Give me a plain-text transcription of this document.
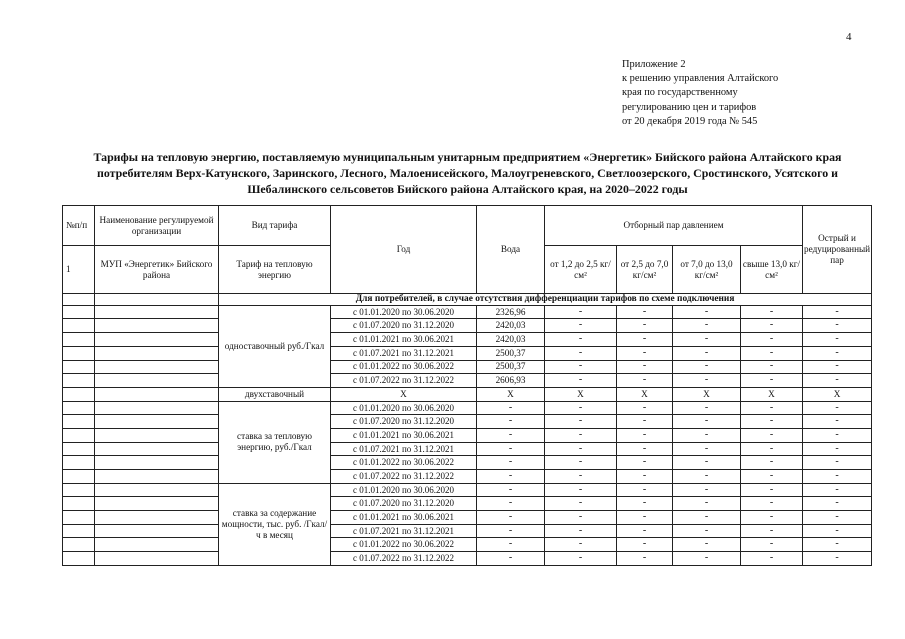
4
Приложение 2
к решению управления Алтайского
края по государственному
регулированию цен и тарифов
от 20 декабря 2019 года № 545
Тарифы на тепловую энергию, поставляемую муниципальным унитарным предприятием «Энергетик» Бийского района Алтайского края потребителям Верх-Катунского, Заринского, Лесного, Малоенисейского, Малоугреневского, Светлоозерского, Сростинского, Усятского и Шебалинского сельсоветов Бийского района Алтайского края, на 2020–2022 годы
№п/п	Наименование регулируемой организации	Вид тарифа	Год	Вода	Отборный пар давлением				Острый и редуцированный пар
1	МУП «Энергетик» Бийского района	Тариф на тепловую энергию			от 1,2 до 2,5 кг/см²	от 2,5 до 7,0 кг/см²	от 7,0 до 13,0 кг/см²	свыше 13,0 кг/см²	
		Для потребителей, в случае отсутствия дифференциации тарифов по схеме подключения							
		одноставочный руб./Гкал	с 01.01.2020 по 30.06.2020	2326,96	-	-	-	-	-
			с 01.07.2020 по 31.12.2020	2420,03	-	-	-	-	-
			с 01.01.2021 по 30.06.2021	2420,03	-	-	-	-	-
			с 01.07.2021 по 31.12.2021	2500,37	-	-	-	-	-
			с 01.01.2022 по 30.06.2022	2500,37	-	-	-	-	-
			с 01.07.2022 по 31.12.2022	2606,93	-	-	-	-	-
		двухставочный	X	X	X	X	X	X	X
		ставка за тепловую энергию, руб./Гкал	с 01.01.2020 по 30.06.2020	-	-	-	-	-	-
			с 01.07.2020 по 31.12.2020	-	-	-	-	-	-
			с 01.01.2021 по 30.06.2021	-	-	-	-	-	-
			с 01.07.2021 по 31.12.2021	-	-	-	-	-	-
			с 01.01.2022 по 30.06.2022	-	-	-	-	-	-
			с 01.07.2022 по 31.12.2022	-	-	-	-	-	-
		ставка за содержание мощности, тыс. руб. /Гкал/ч в месяц	с 01.01.2020 по 30.06.2020	-	-	-	-	-	-
			с 01.07.2020 по 31.12.2020	-	-	-	-	-	-
			с 01.01.2021 по 30.06.2021	-	-	-	-	-	-
			с 01.07.2021 по 31.12.2021	-	-	-	-	-	-
			с 01.01.2022 по 30.06.2022	-	-	-	-	-	-
			с 01.07.2022 по 31.12.2022	-	-	-	-	-	-
